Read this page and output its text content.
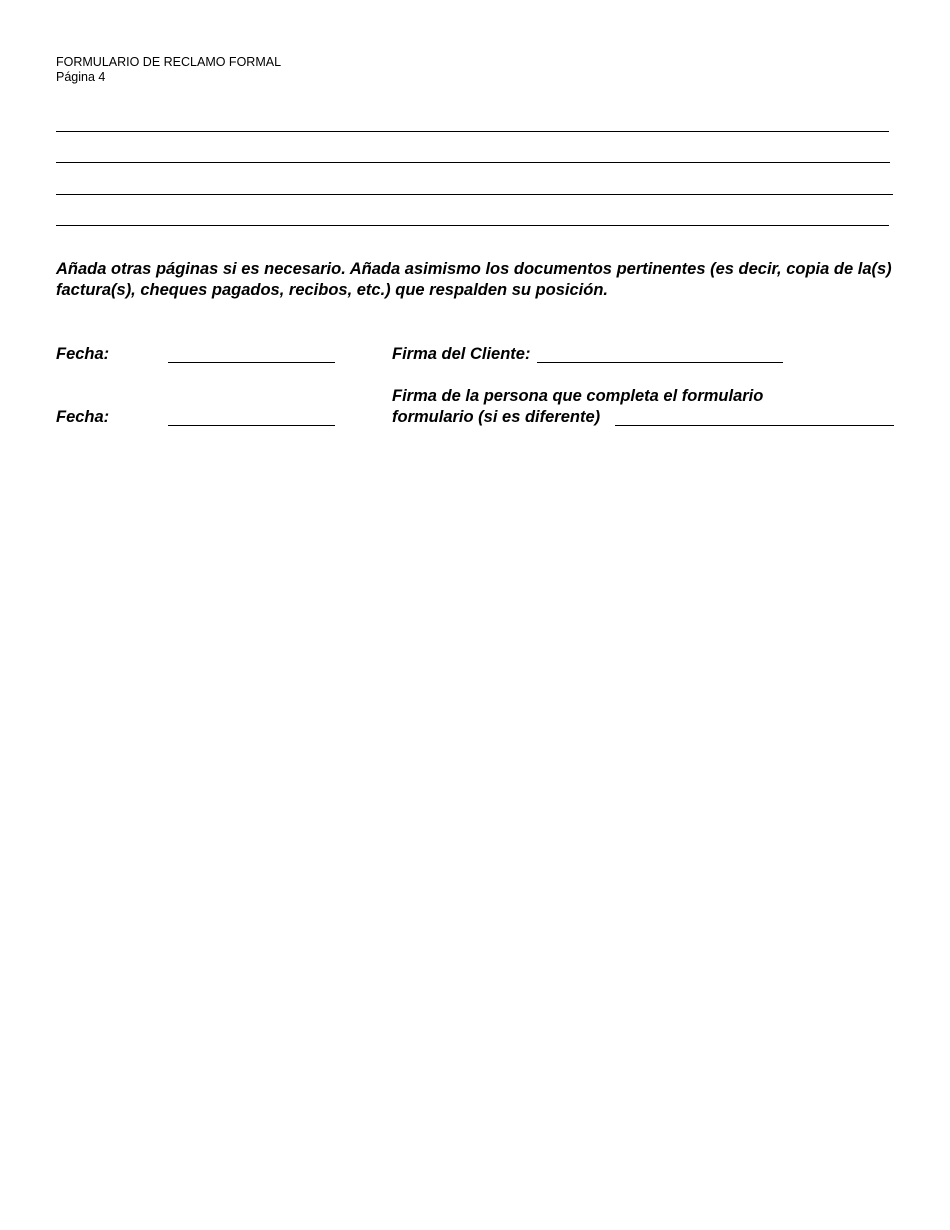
FORMULARIO DE RECLAMO FORMAL
Página 4
Añada otras páginas si es necesario. Añada asimismo los documentos pertinentes (es decir, copia de la(s) factura(s), cheques pagados, recibos, etc.) que respalden su posición.
Fecha:	Firma del Cliente:
Firma de la persona que completa el formulario
formulario (si es diferente)
Fecha:
